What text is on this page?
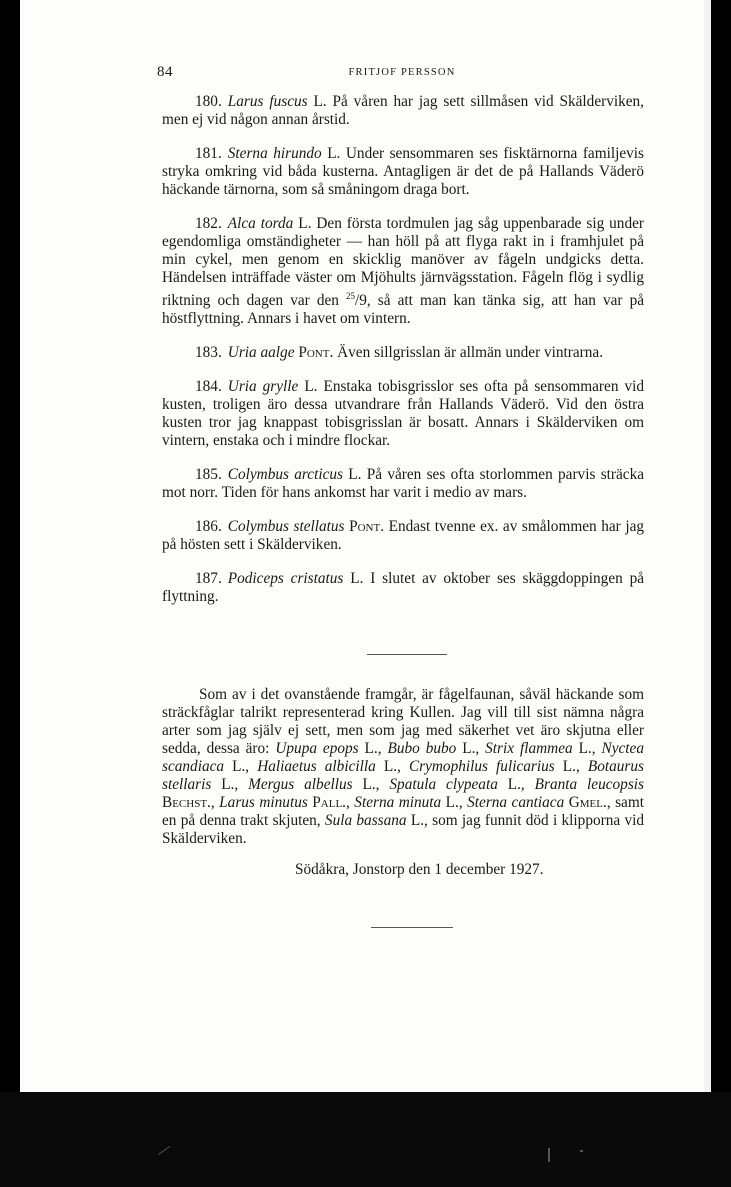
84	FRITJOF PERSSON

180. Larus fuscus L. På våren har jag sett sillmåsen vid Skälderviken, men ej vid någon annan årstid.

181. Sterna hirundo L. Under sensommaren ses fisktärnorna familjevis stryka omkring vid båda kusterna. Antagligen är det de på Hallands Väderö häckande tärnorna, som så småningom draga bort.

182. Alca torda L. Den första tordmulen jag såg uppenbarade sig under egendomliga omständigheter — han höll på att flyga rakt in i framhjulet på min cykel, men genom en skicklig manöver av fågeln undgicks detta. Händelsen inträffade väster om Mjöhults järnvägsstation. Fågeln flög i sydlig riktning och dagen var den $^{25}$/9, så att man kan tänka sig, att han var på höstflyttning. Annars i havet om vintern.

183. Uria aalge Pont. Även sillgrisslan är allmän under vintrarna.

184. Uria grylle L. Enstaka tobisgrisslor ses ofta på sensommaren vid kusten, troligen äro dessa utvandrare från Hallands Väderö. Vid den östra kusten tror jag knappast tobisgrisslan är bosatt. Annars i Skälderviken om vintern, enstaka och i mindre flockar.

185. Colymbus arcticus L. På våren ses ofta storlommen parvis sträcka mot norr. Tiden för hans ankomst har varit i medio av mars.

186. Colymbus stellatus Pont. Endast tvenne ex. av smålommen har jag på hösten sett i Skälderviken.

187. Podiceps cristatus L. I slutet av oktober ses skäggdoppingen på flyttning.

Som av i det ovanstående framgår, är fågelfaunan, såväl häckande som sträckfåglar talrikt representerad kring Kullen. Jag vill till sist nämna några arter som jag själv ej sett, men som jag med säkerhet vet äro skjutna eller sedda, dessa äro: Upupa epops L., Bubo bubo L., Strix flammea L., Nyctea scandiaca L., Haliaetus albicilla L., Crymophilus fulicarius L., Botaurus stellaris L., Mergus albellus L., Spatula clypeata L., Branta leucopsis Bechst., Larus minutus Pall., Sterna minuta L., Sterna cantiaca Gmel., samt en på denna trakt skjuten, Sula bassana L., som jag funnit död i klipporna vid Skälderviken.

Södåkra, Jonstorp den 1 december 1927.
